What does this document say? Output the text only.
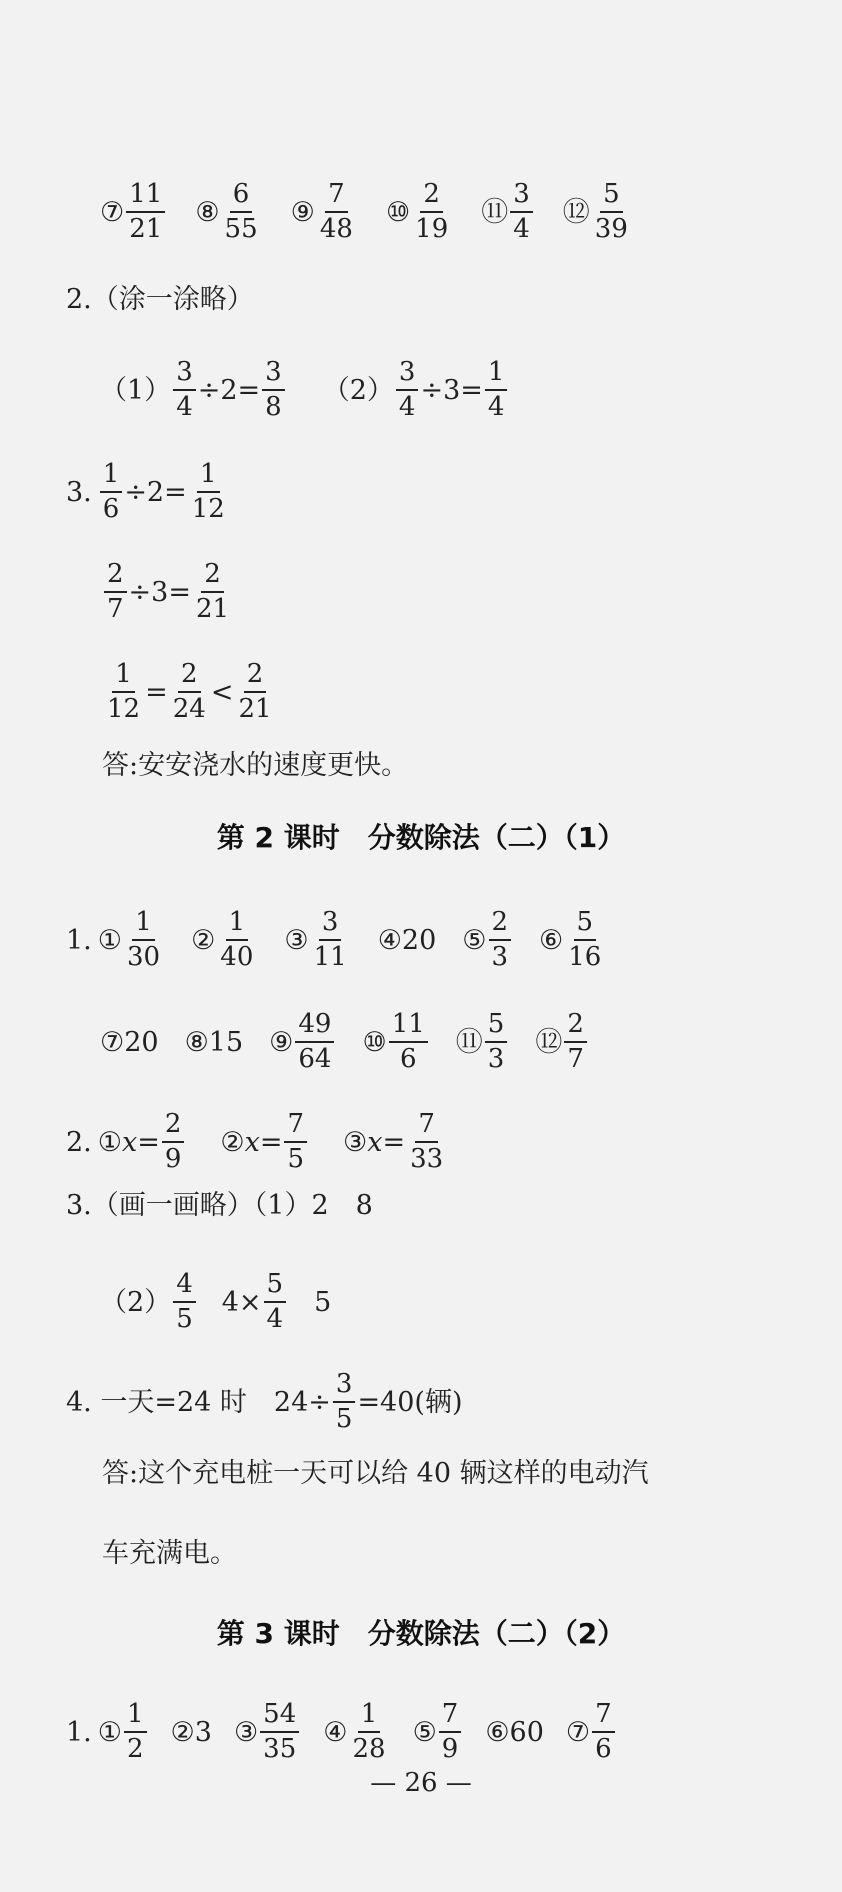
⑦ $\frac{11}{21}$ ⑧ $\frac{6}{55}$ ⑨ $\frac{7}{48}$ ⑩ $\frac{2}{19}$ ⑪ $\frac{3}{4}$ ⑫ $\frac{5}{39}$
2.（涂一涂略）
$(1) \frac{3}{4} \div 2= \frac{3}{8} (2) \frac{3}{4} \div 3= \frac{1}{4}$
3. $\frac{1}{6} \div 2= \frac{1}{12}$
$\frac{2}{7} \div 3= \frac{2}{21}$
$\frac{1}{12} = \frac{2}{24} < \frac{2}{21}$
答:安安浇水的速度更快。
第 2 课时　分数除法（二）（1）
1. ① $\frac{1}{30}$ ② $\frac{1}{40}$ ③ $\frac{3}{11}$ ④ 20 ⑤ $\frac{2}{3}$ ⑥ $\frac{5}{16}$
⑦ 20 ⑧ 15 ⑨ $\frac{49}{64}$ ⑩ $\frac{11}{6}$ ⑪ $\frac{5}{3}$ ⑫ $\frac{2}{7}$
2. ① $x = \frac{2}{9}$ ② $x = \frac{7}{5}$ ③ $x = \frac{7}{33}$
3.（画一画略）（1）2　8
$(2) \frac{4}{5} 4\times \frac{5}{4} 5$
4. 一天=24 时　$24\div \frac{3}{5} =40$(辆)
答:这个充电桩一天可以给 40 辆这样的电动汽
车充满电。
第 3 课时　分数除法（二）（2）
1. ① $\frac{1}{2}$ ② 3 ③ $\frac{54}{35}$ ④ $\frac{1}{28}$ ⑤ $\frac{7}{9}$ ⑥ 60 ⑦ $\frac{7}{6}$
— 26 —
